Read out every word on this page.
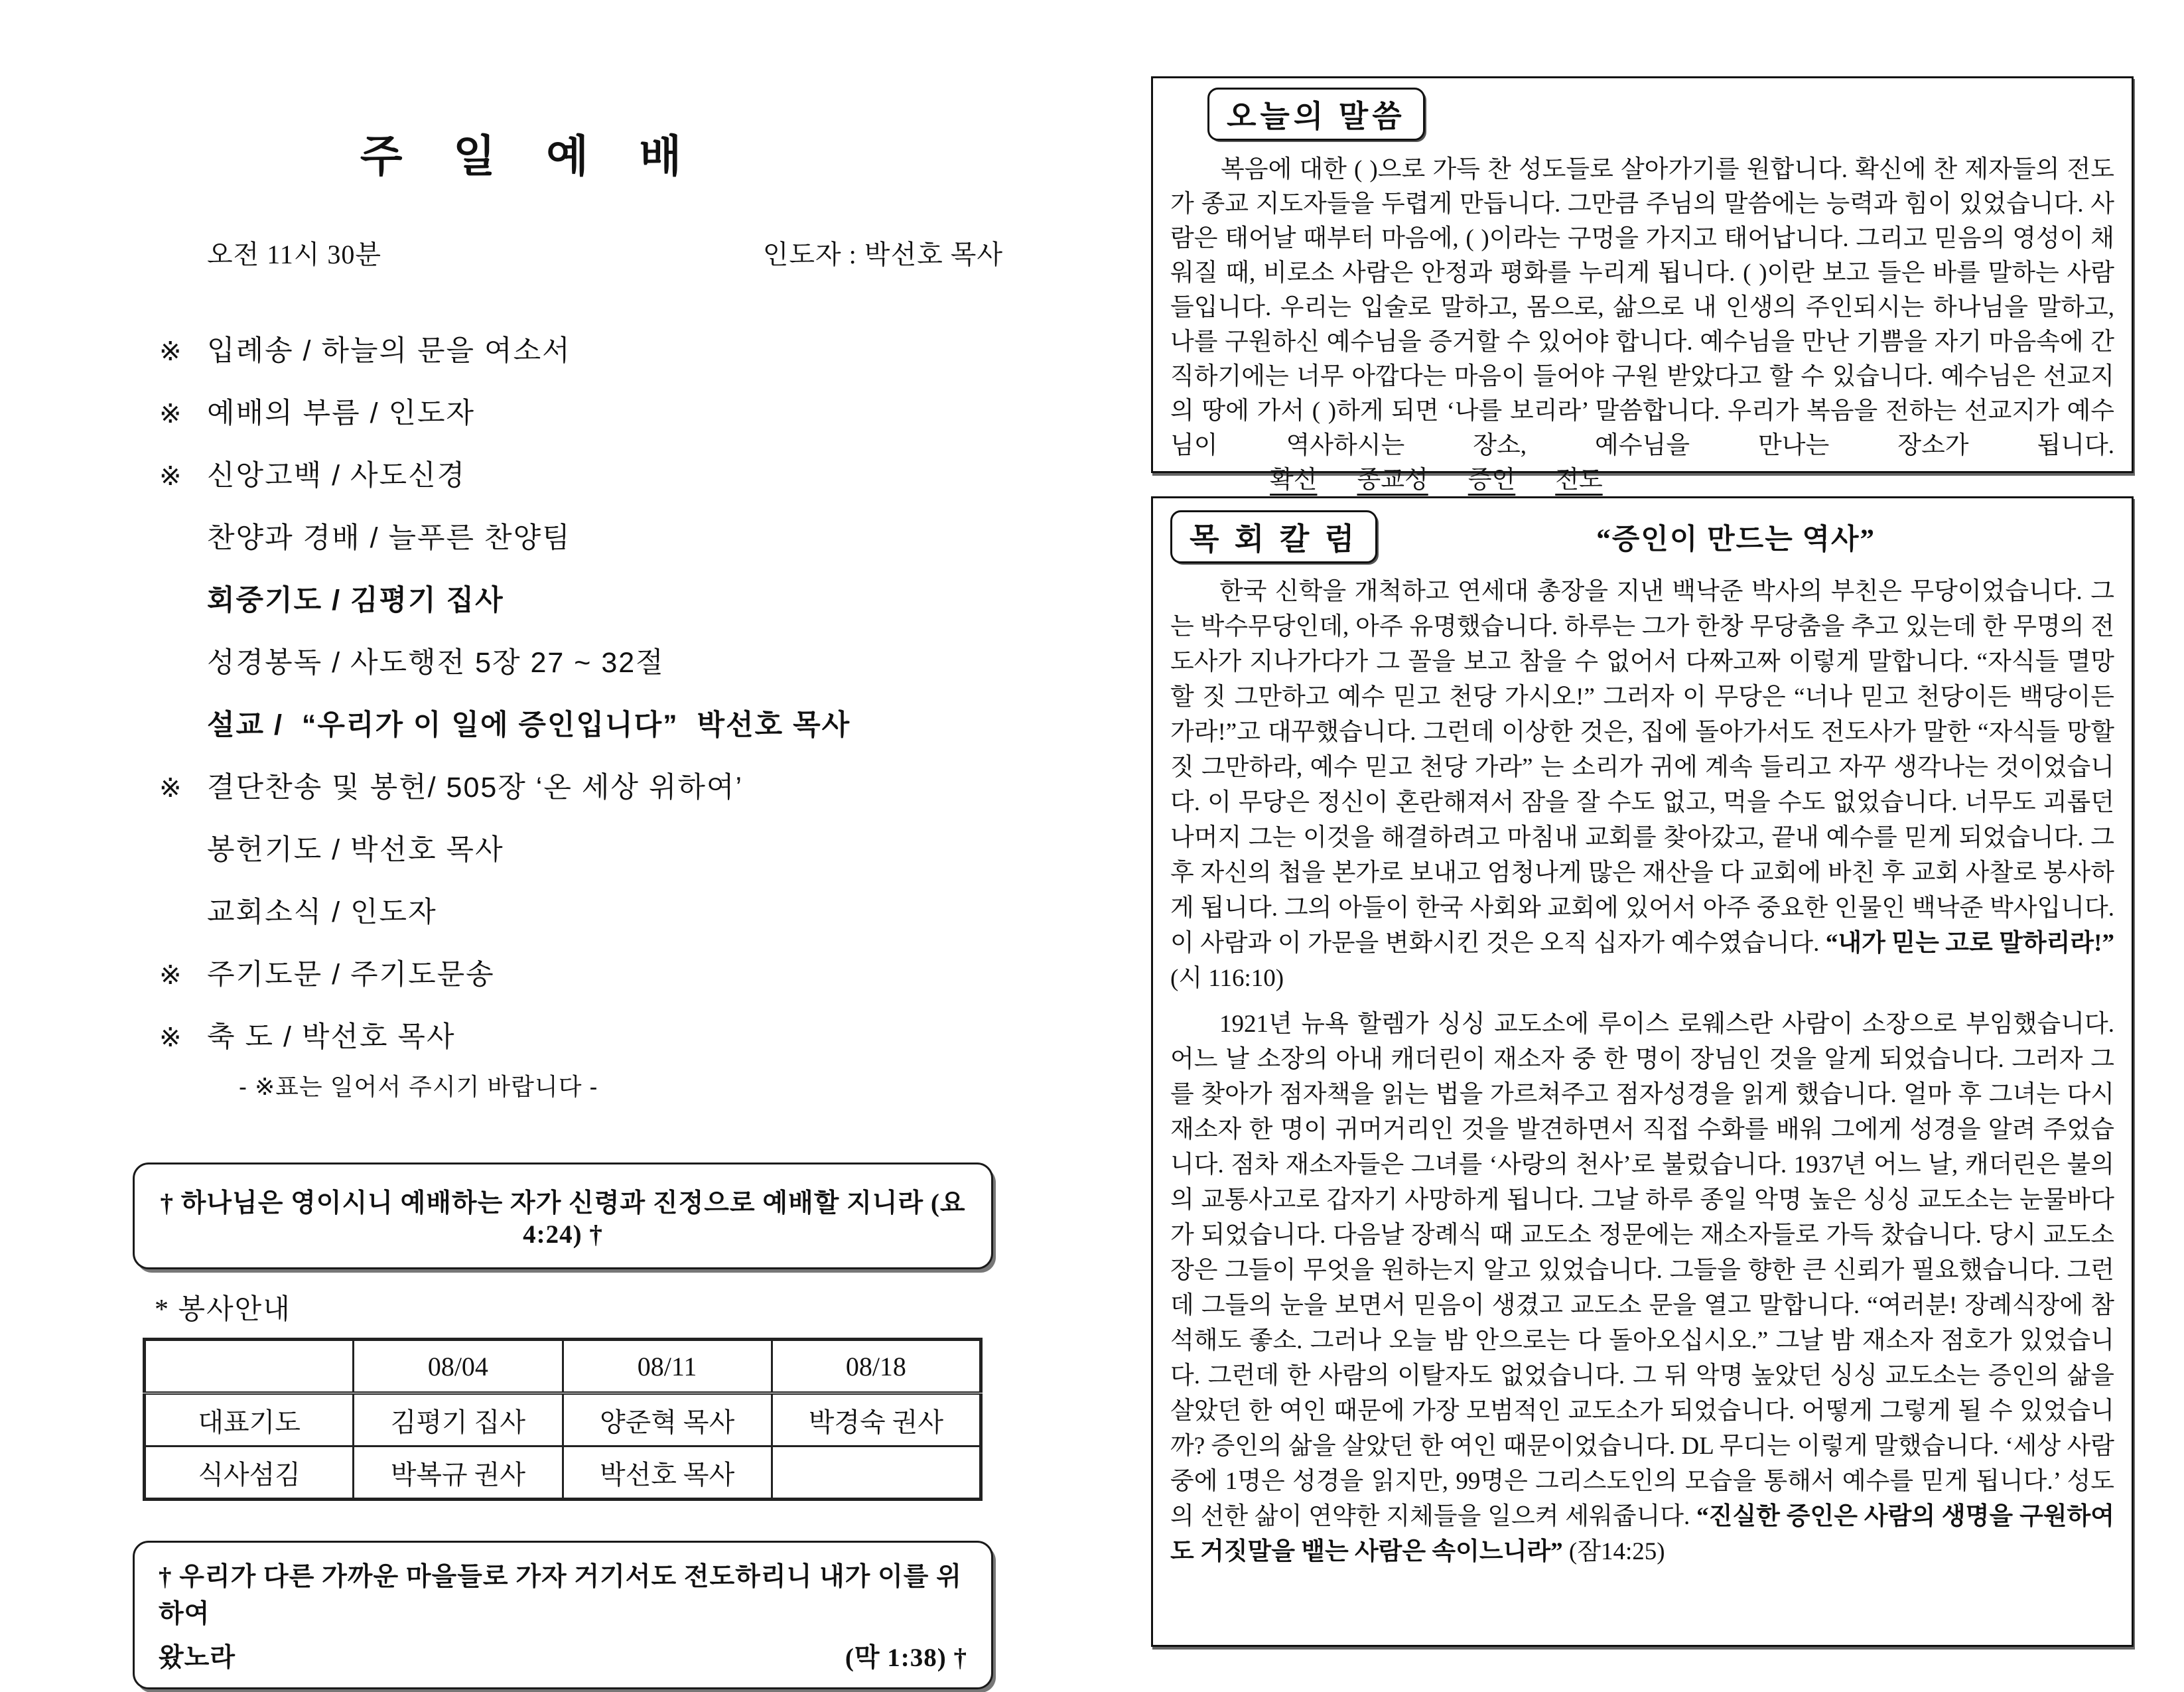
주 일 예 배
오전 11시 30분	인도자 : 박선호 목사
※ 입례송 / 하늘의 문을 여소서
※ 예배의 부름 / 인도자
※ 신앙고백 / 사도신경
찬양과 경배 / 늘푸른 찬양팀
회중기도 / 김평기 집사
성경봉독 / 사도행전 5장 27 ~ 32절
설교 /  “우리가 이 일에 증인입니다”  박선호 목사
※ 결단찬송 및 봉헌/ 505장 ‘온 세상 위하여’
봉헌기도 / 박선호 목사
교회소식 / 인도자
※ 주기도문 / 주기도문송
※ 축 도 / 박선호 목사
- ※표는 일어서 주시기 바랍니다 -
† 하나님은 영이시니 예배하는 자가 신령과 진정으로 예배할 지니라 (요4:24) †
* 봉사안내
	08/04	08/11	08/18
대표기도	김평기 집사	양준혁 목사	박경숙 권사
식사섬김	박복규 권사	박선호 목사	
† 우리가 다른 가까운 마을들로 가자 거기서도 전도하리니 내가 이를 위하여
왔노라	(막 1:38) †
오늘의 말씀

복음에 대한 ( )으로 가득 찬 성도들로 살아가기를 원합니다. 확신에 찬 제자들의 전도가 종교 지도자들을 두렵게 만듭니다. 그만큼 주님의 말씀에는 능력과 힘이 있었습니다. 사람은 태어날 때부터 마음에, ( )이라는 구멍을 가지고 태어납니다. 그리고 믿음의 영성이 채워질 때, 비로소 사람은 안정과 평화를 누리게 됩니다. ( )이란 보고 들은 바를 말하는 사람들입니다. 우리는 입술로 말하고, 몸으로, 삶으로 내 인생의 주인되시는 하나님을 말하고, 나를 구원하신 예수님을 증거할 수 있어야 합니다. 예수님을 만난 기쁨을 자기 마음속에 간직하기에는 너무 아깝다는 마음이 들어야 구원 받았다고 할 수 있습니다. 예수님은 선교지의 땅에 가서 ( )하게 되면 ‘나를 보리라’ 말씀합니다. 우리가 복음을 전하는 선교지가 예수님이 역사하시는 장소, 예수님을 만나는 장소가 됩니다.확신 종교성 증인 전도

목 회 칼 럼	“증인이 만드는 역사”

한국 신학을 개척하고 연세대 총장을 지낸 백낙준 박사의 부친은 무당이었습니다. 그는 박수무당인데, 아주 유명했습니다. 하루는 그가 한창 무당춤을 추고 있는데 한 무명의 전도사가 지나가다가 그 꼴을 보고 참을 수 없어서 다짜고짜 이렇게 말합니다. “자식들 멸망할 짓 그만하고 예수 믿고 천당 가시오!” 그러자 이 무당은 “너나 믿고 천당이든 백당이든 가라!”고 대꾸했습니다. 그런데 이상한 것은, 집에 돌아가서도 전도사가 말한 “자식들 망할 짓 그만하라, 예수 믿고 천당 가라” 는 소리가 귀에 계속 들리고 자꾸 생각나는 것이었습니다. 이 무당은 정신이 혼란해져서 잠을 잘 수도 없고, 먹을 수도 없었습니다. 너무도 괴롭던 나머지 그는 이것을 해결하려고 마침내 교회를 찾아갔고, 끝내 예수를 믿게 되었습니다. 그 후 자신의 첩을 본가로 보내고 엄청나게 많은 재산을 다 교회에 바친 후 교회 사찰로 봉사하게 됩니다. 그의 아들이 한국 사회와 교회에 있어서 아주 중요한 인물인 백낙준 박사입니다. 이 사람과 이 가문을 변화시킨 것은 오직 십자가 예수였습니다. “내가 믿는 고로 말하리라!” (시 116:10)

1921년 뉴욕 할렘가 싱싱 교도소에 루이스 로웨스란 사람이 소장으로 부임했습니다. 어느 날 소장의 아내 캐더린이 재소자 중 한 명이 장님인 것을 알게 되었습니다. 그러자 그를 찾아가 점자책을 읽는 법을 가르쳐주고 점자성경을 읽게 했습니다. 얼마 후 그녀는 다시 재소자 한 명이 귀머거리인 것을 발견하면서 직접 수화를 배워 그에게 성경을 알려 주었습니다. 점차 재소자들은 그녀를 ‘사랑의 천사’로 불렀습니다. 1937년 어느 날, 캐더린은 불의의 교통사고로 갑자기 사망하게 됩니다. 그날 하루 종일 악명 높은 싱싱 교도소는 눈물바다가 되었습니다. 다음날 장례식 때 교도소 정문에는 재소자들로 가득 찼습니다. 당시 교도소장은 그들이 무엇을 원하는지 알고 있었습니다. 그들을 향한 큰 신뢰가 필요했습니다. 그런데 그들의 눈을 보면서 믿음이 생겼고 교도소 문을 열고 말합니다. “여러분! 장례식장에 참석해도 좋소. 그러나 오늘 밤 안으로는 다 돌아오십시오.” 그날 밤 재소자 점호가 있었습니다. 그런데 한 사람의 이탈자도 없었습니다. 그 뒤 악명 높았던 싱싱 교도소는 증인의 삶을 살았던 한 여인 때문에 가장 모범적인 교도소가 되었습니다. 어떻게 그렇게 될 수 있었습니까? 증인의 삶을 살았던 한 여인 때문이었습니다. DL 무디는 이렇게 말했습니다. ‘세상 사람 중에 1명은 성경을 읽지만, 99명은 그리스도인의 모습을 통해서 예수를 믿게 됩니다.’ 성도의 선한 삶이 연약한 지체들을 일으켜 세워줍니다. “진실한 증인은 사람의 생명을 구원하여도 거짓말을 뱉는 사람은 속이느니라” (잠14:25)
